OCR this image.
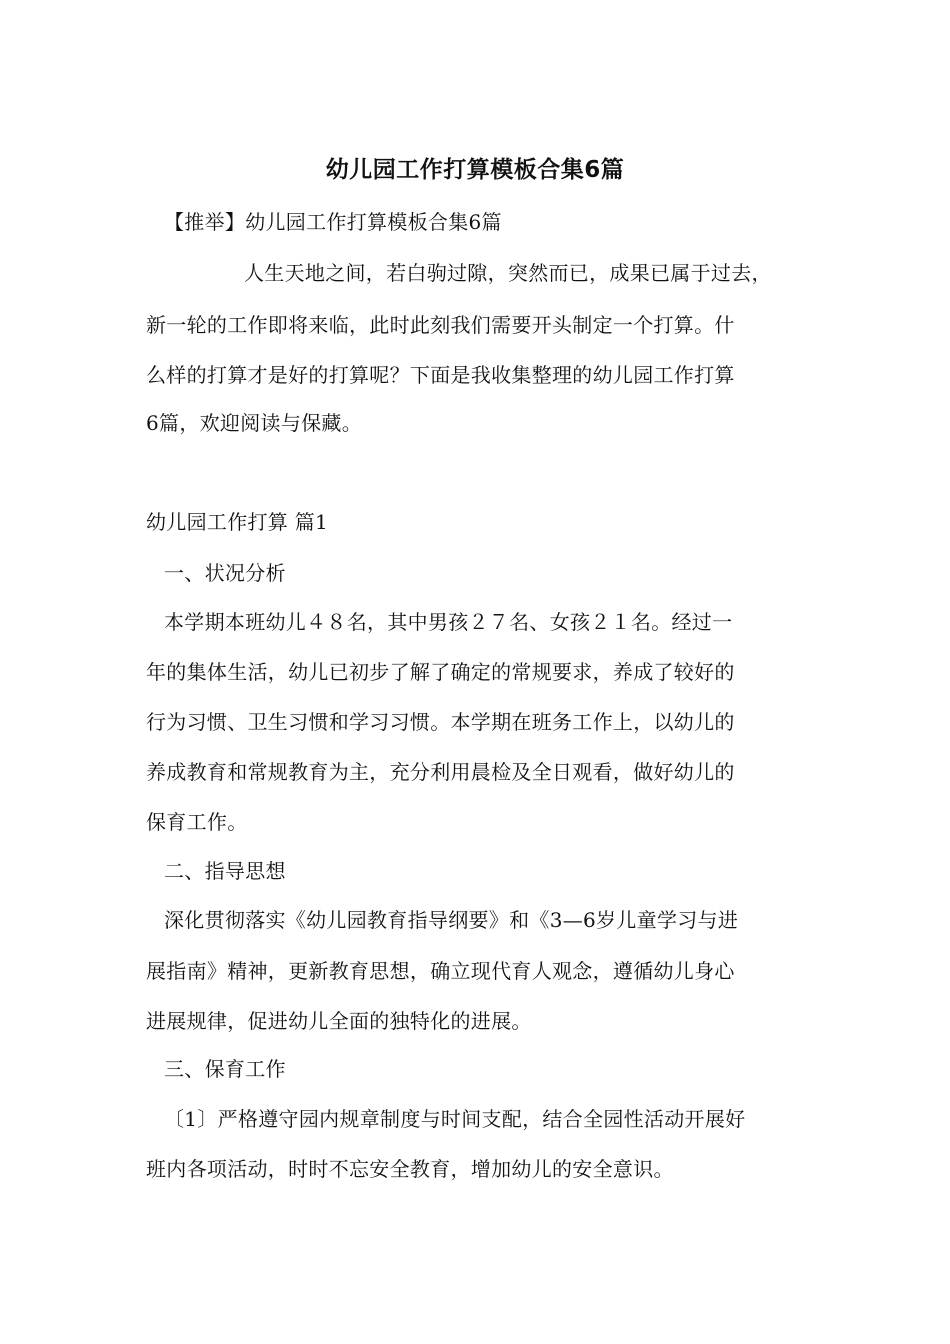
幼儿园工作打算模板合集6篇
【推举】幼儿园工作打算模板合集6篇
人生天地之间，若白驹过隙，突然而已，成果已属于过去，
新一轮的工作即将来临，此时此刻我们需要开头制定一个打算。什
么样的打算才是好的打算呢？下面是我收集整理的幼儿园工作打算
6篇，欢迎阅读与保藏。
幼儿园工作打算 篇1
一、状况分析
本学期本班幼儿４８名，其中男孩２７名、女孩２１名。经过一
年的集体生活，幼儿已初步了解了确定的常规要求，养成了较好的
行为习惯、卫生习惯和学习习惯。本学期在班务工作上，以幼儿的
养成教育和常规教育为主，充分利用晨检及全日观看，做好幼儿的
保育工作。
二、指导思想
深化贯彻落实《幼儿园教育指导纲要》和《3—6岁儿童学习与进
展指南》精神，更新教育思想，确立现代育人观念，遵循幼儿身心
进展规律，促进幼儿全面的独特化的进展。
三、保育工作
〔1〕严格遵守园内规章制度与时间支配，结合全园性活动开展好
班内各项活动，时时不忘安全教育，增加幼儿的安全意识。
